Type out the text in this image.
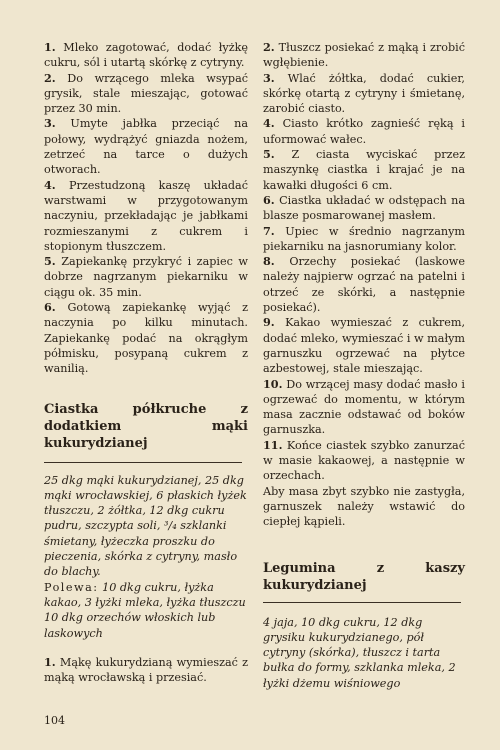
1. Mleko zagotować, dodać łyżkę cukru, sól i utartą skórkę z cytryny.

2. Do wrzącego mleka wsypać grysik, stale mieszając, gotować przez 30 min.

3. Umyte jabłka przeciąć na połowy, wydrążyć gniazda nożem, zetrzeć na tarce o dużych otworach.

4. Przestudzoną kaszę układać warstwami w przygotowanym naczyniu, przekładając je jabłkami rozmieszanymi z cukrem i stopionym tłuszczem.

5. Zapiekankę przykryć i zapiec w dobrze nagrzanym piekarniku w ciągu ok. 35 min.

6. Gotową zapiekankę wyjąć z naczynia po kilku minutach. Zapiekankę podać na okrągłym półmisku, posypaną cukrem z wanilią.

Ciastka półkruche z dodatkiem mąki kukurydzianej

25 dkg mąki kukurydzianej, 25 dkg mąki wrocławskiej, 6 płaskich łyżek tłuszczu, 2 żółtka, 12 dkg cukru pudru, szczypta soli, ³/₄ szklanki śmietany, łyżeczka proszku do pieczenia, skórka z cytryny, masło do blachy.

Polewa: 10 dkg cukru, łyżka kakao, 3 łyżki mleka, łyżka tłuszczu

10 dkg orzechów włoskich lub laskowych

1. Mąkę kukurydzianą wymieszać z mąką wrocławską i przesiać.

2. Tłuszcz posiekać z mąką i zrobić wgłębienie.

3. Wlać żółtka, dodać cukier, skórkę otartą z cytryny i śmietanę, zarobić ciasto.

4. Ciasto krótko zagnieść ręką i uformować wałec.

5. Z ciasta wyciskać przez maszynkę ciastka i krajać je na kawałki długości 6 cm.

6. Ciastka układać w odstępach na blasze posmarowanej masłem.

7. Upiec w średnio nagrzanym piekarniku na jasnorumiany kolor.

8. Orzechy posiekać (laskowe należy najpierw ogrzać na patelni i otrzeć ze skórki, a następnie posiekać).

9. Kakao wymieszać z cukrem, dodać mleko, wymieszać i w małym garnuszku ogrzewać na płytce azbestowej, stale mieszając.

10. Do wrzącej masy dodać masło i ogrzewać do momentu, w którym masa zacznie odstawać od boków garnuszka.

11. Końce ciastek szybko zanurzać w masie kakaowej, a następnie w orzechach.

Aby masa zbyt szybko nie zastygła, garnuszek należy wstawić do ciepłej kąpieli.

Legumina z kaszy kukurydzianej

4 jaja, 10 dkg cukru, 12 dkg grysiku kukurydzianego, pół cytryny (skórka), tłuszcz i tarta bułka do formy, szklanka mleka, 2 łyżki dżemu wiśniowego

104
